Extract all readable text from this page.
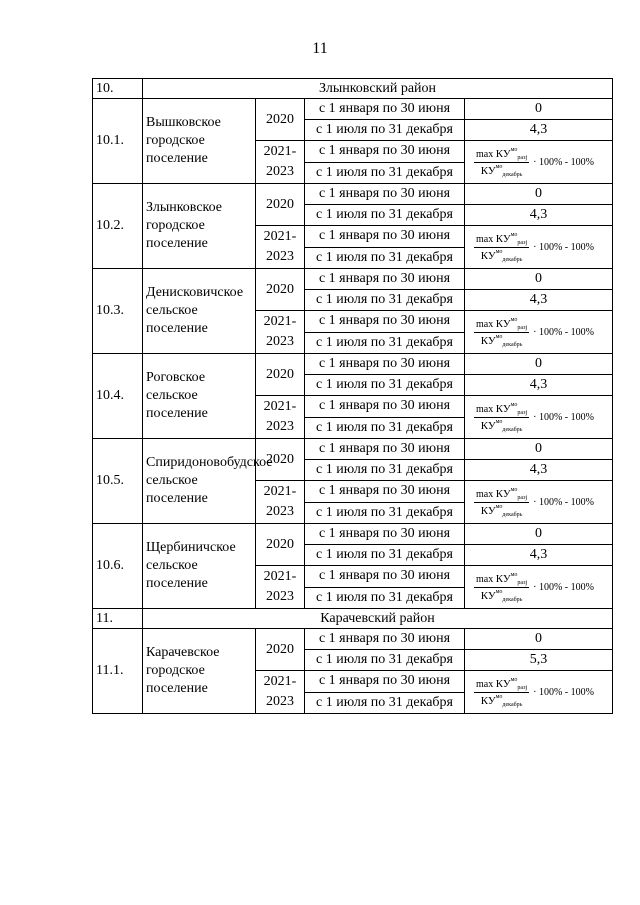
11
10.	Злынковский район			
10.1.	Вышковское городское поселение	2020	с 1 января по 30 июня	0
			с 1 июля по 31 декабря	4,3
		2021-2023	с 1 января по 30 июня	$\frac{\max КУ^{мо}_{разj}}{КУ^{мо}_{декабрь}} \cdot 100\% - 100\%$

			с 1 июля по 31 декабря	
10.2.	Злынковское городское поселение	2020	с 1 января по 30 июня	0
			с 1 июля по 31 декабря	4,3
		2021-2023	с 1 января по 30 июня	$\frac{\max КУ^{мо}_{разj}}{КУ^{мо}_{декабрь}} \cdot 100\% - 100\%$

			с 1 июля по 31 декабря	
10.3.	Денисковичское сельское поселение	2020	с 1 января по 30 июня	0
			с 1 июля по 31 декабря	4,3
		2021-2023	с 1 января по 30 июня	$\frac{\max КУ^{мо}_{разj}}{КУ^{мо}_{декабрь}} \cdot 100\% - 100\%$

			с 1 июля по 31 декабря	
10.4.	Роговское сельское поселение	2020	с 1 января по 30 июня	0
			с 1 июля по 31 декабря	4,3
		2021-2023	с 1 января по 30 июня	$\frac{\max КУ^{мо}_{разj}}{КУ^{мо}_{декабрь}} \cdot 100\% - 100\%$

			с 1 июля по 31 декабря	
10.5.	Спиридоновобудское сельское поселение	2020	с 1 января по 30 июня	0
			с 1 июля по 31 декабря	4,3
		2021-2023	с 1 января по 30 июня	$\frac{\max КУ^{мо}_{разj}}{КУ^{мо}_{декабрь}} \cdot 100\% - 100\%$

			с 1 июля по 31 декабря	
10.6.	Щербиничское сельское поселение	2020	с 1 января по 30 июня	0
			с 1 июля по 31 декабря	4,3
		2021-2023	с 1 января по 30 июня	$\frac{\max КУ^{мо}_{разj}}{КУ^{мо}_{декабрь}} \cdot 100\% - 100\%$

			с 1 июля по 31 декабря	
11.	Карачевский район			
11.1.	Карачевское городское поселение	2020	с 1 января по 30 июня	0
			с 1 июля по 31 декабря	5,3
		2021-2023	с 1 января по 30 июня	$\frac{\max КУ^{мо}_{разj}}{КУ^{мо}_{декабрь}} \cdot 100\% - 100\%$

			с 1 июля по 31 декабря	
